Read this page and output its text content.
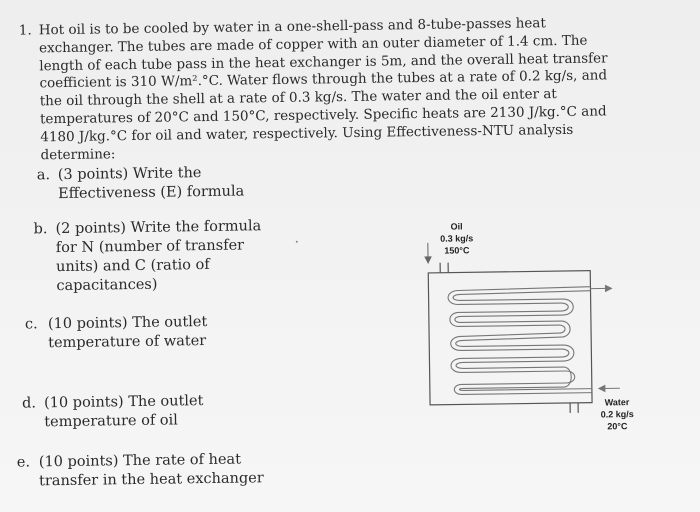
1. Hot oil is to be cooled by water in a one-shell-pass and 8-tube-passes heat exchanger. The tubes are made of copper with an outer diameter of 1.4 cm. The length of each tube pass in the heat exchanger is 5m, and the overall heat transfer coefficient is 310 W/m².°C. Water flows through the tubes at a rate of 0.2 kg/s, and the oil through the shell at a rate of 0.3 kg/s. The water and the oil enter at temperatures of 20°C and 150°C, respectively. Specific heats are 2130 J/kg.°C and 4180 J/kg.°C for oil and water, respectively. Using Effectiveness-NTU analysis determine:

a. (3 points) Write the
Effectiveness (E) formula
b. (2 points) Write the formula
for N (number of transfer
units) and C (ratio of
capacitances)
c. (10 points) The outlet
temperature of water
d. (10 points) The outlet
temperature of oil
e. (10 points) The rate of heat
transfer in the heat exchanger
Oil
0.3 kg/s
150°C
Water
0.2 kg/s
20°C
